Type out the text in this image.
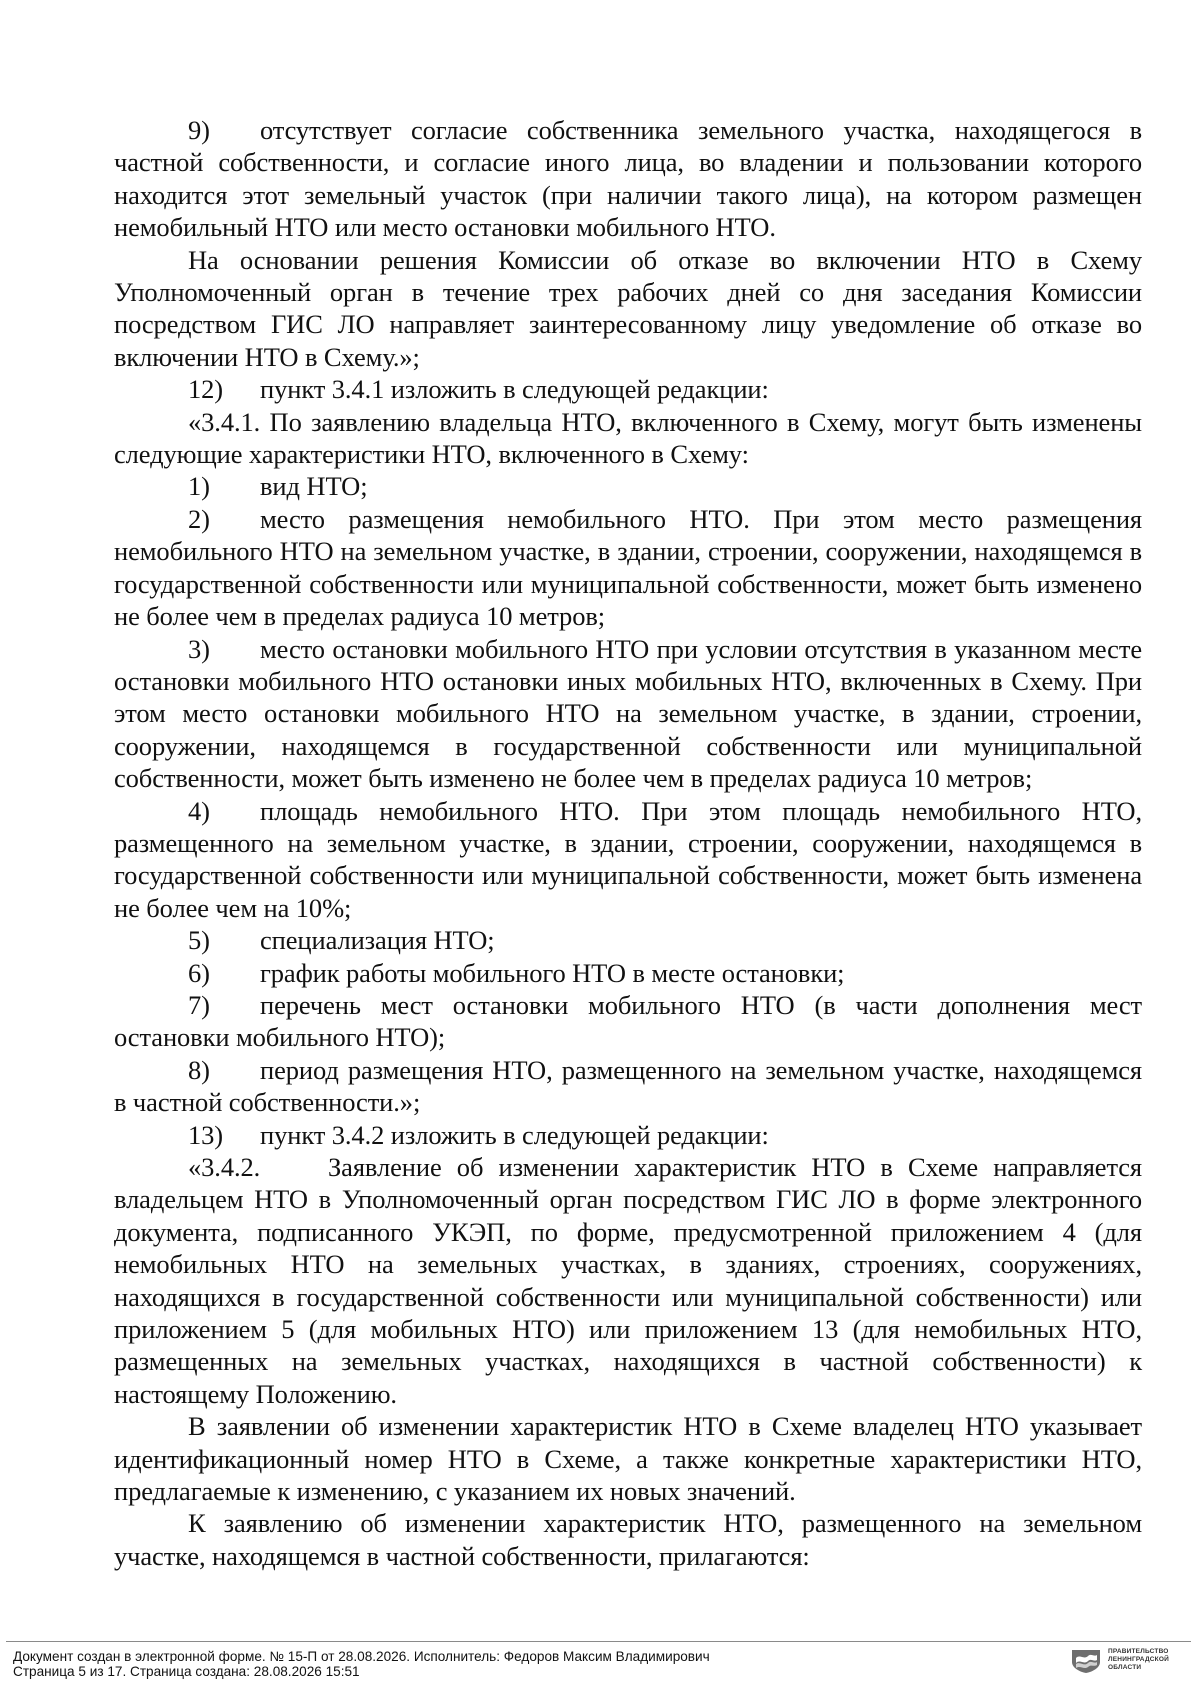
9) отсутствует согласие собственника земельного участка, находящегося в частной собственности, и согласие иного лица, во владении и пользовании которого находится этот земельный участок (при наличии такого лица), на котором размещен немобильный НТО или место остановки мобильного НТО.

На основании решения Комиссии об отказе во включении НТО в Схему Уполномоченный орган в течение трех рабочих дней со дня заседания Комиссии посредством ГИС ЛО направляет заинтересованному лицу уведомление об отказе во включении НТО в Схему.»;

12) пункт 3.4.1 изложить в следующей редакции:

«3.4.1. По заявлению владельца НТО, включенного в Схему, могут быть изменены следующие характеристики НТО, включенного в Схему:

1) вид НТО;

2) место размещения немобильного НТО. При этом место размещения немобильного НТО на земельном участке, в здании, строении, сооружении, находящемся в государственной собственности или муниципальной собственности, может быть изменено не более чем в пределах радиуса 10 метров;

3) место остановки мобильного НТО при условии отсутствия в указанном месте остановки мобильного НТО остановки иных мобильных НТО, включенных в Схему. При этом место остановки мобильного НТО на земельном участке, в здании, строении, сооружении, находящемся в государственной собственности или муниципальной собственности, может быть изменено не более чем в пределах радиуса 10 метров;

4) площадь немобильного НТО. При этом площадь немобильного НТО, размещенного на земельном участке, в здании, строении, сооружении, находящемся в государственной собственности или муниципальной собственности, может быть изменена не более чем на 10%;

5) специализация НТО;

6) график работы мобильного НТО в месте остановки;

7) перечень мест остановки мобильного НТО (в части дополнения мест остановки мобильного НТО);

8) период размещения НТО, размещенного на земельном участке, находящемся в частной собственности.»;

13) пункт 3.4.2 изложить в следующей редакции:

«3.4.2.	Заявление об изменении характеристик НТО в Схеме направляется владельцем НТО в Уполномоченный орган посредством ГИС ЛО в форме электронного документа, подписанного УКЭП, по форме, предусмотренной приложением 4 (для немобильных НТО на земельных участках, в зданиях, строениях, сооружениях, находящихся в государственной собственности или муниципальной собственности) или приложением 5 (для мобильных НТО) или приложением 13 (для немобильных НТО, размещенных на земельных участках, находящихся в частной собственности) к настоящему Положению.

В заявлении об изменении характеристик НТО в Схеме владелец НТО указывает идентификационный номер НТО в Схеме, а также конкретные характеристики НТО, предлагаемые к изменению, с указанием их новых значений.

К заявлению об изменении характеристик НТО, размещенного на земельном участке, находящемся в частной собственности, прилагаются:

Документ создан в электронной форме. № 15-П от 28.08.2026. Исполнитель: Федоров Максим Владимирович
Страница 5 из 17. Страница создана: 28.08.2026 15:51
ПРАВИТЕЛЬСТВО
ЛЕНИНГРАДСКОЙ
ОБЛАСТИ
